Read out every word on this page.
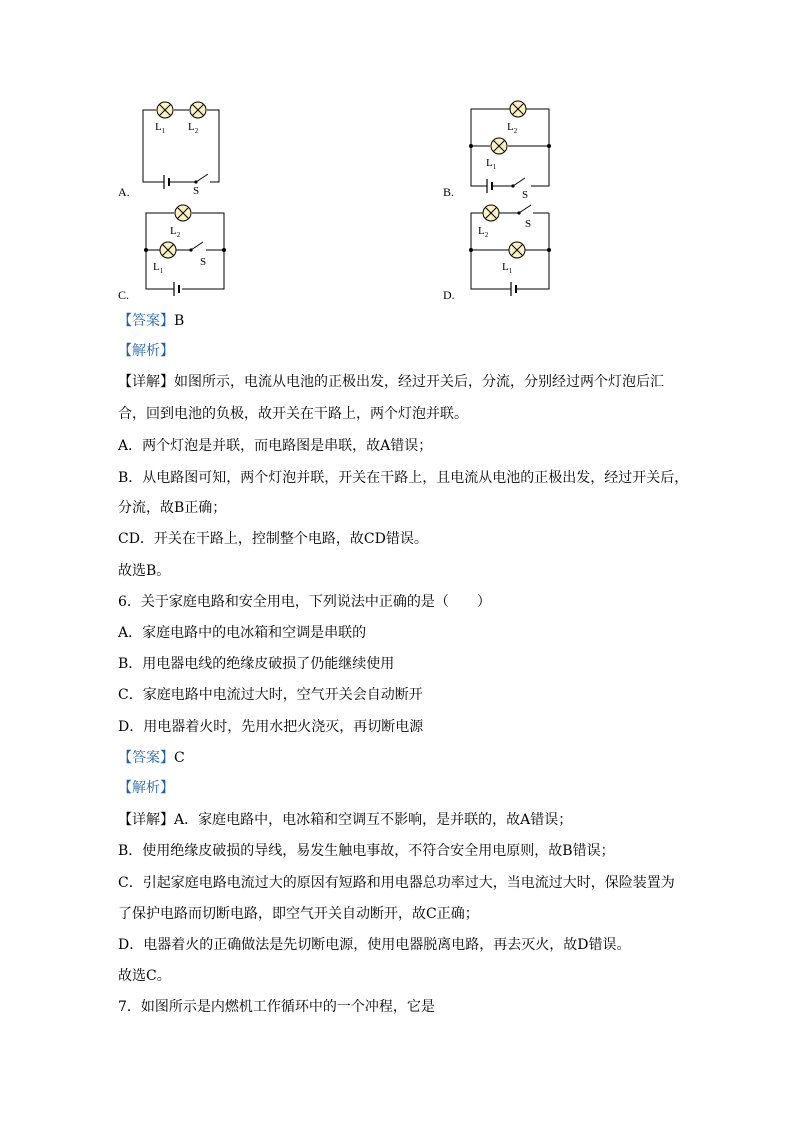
A.	B.
C.	D.
$L_1$ $L_2$
S
$L_2$
$L_1$
S
$L_2$
$L_1$
S
$L_2$
$L_1$
S
【答案】B
【解析】
【详解】如图所示，电流从电池的正极出发，经过开关后，分流，分别经过两个灯泡后汇
合，回到电池的负极，故开关在干路上，两个灯泡并联。
A．两个灯泡是并联，而电路图是串联，故A错误；
B．从电路图可知，两个灯泡并联，开关在干路上，且电流从电池的正极出发，经过开关后，
分流，故B正确；
CD．开关在干路上，控制整个电路，故CD错误。
故选B。
6．关于家庭电路和安全用电，下列说法中正确的是（　　）
A．家庭电路中的电冰箱和空调是串联的
B．用电器电线的绝缘皮破损了仍能继续使用
C．家庭电路中电流过大时，空气开关会自动断开
D．用电器着火时，先用水把火浇灭，再切断电源
【答案】C
【解析】
【详解】A．家庭电路中，电冰箱和空调互不影响，是并联的，故A错误；
B．使用绝缘皮破损的导线，易发生触电事故，不符合安全用电原则，故B错误；
C．引起家庭电路电流过大的原因有短路和用电器总功率过大，当电流过大时，保险装置为
了保护电路而切断电路，即空气开关自动断开，故C正确；
D．电器着火的正确做法是先切断电源，使用电器脱离电路，再去灭火，故D错误。
故选C。
7．如图所示是内燃机工作循环中的一个冲程，它是
